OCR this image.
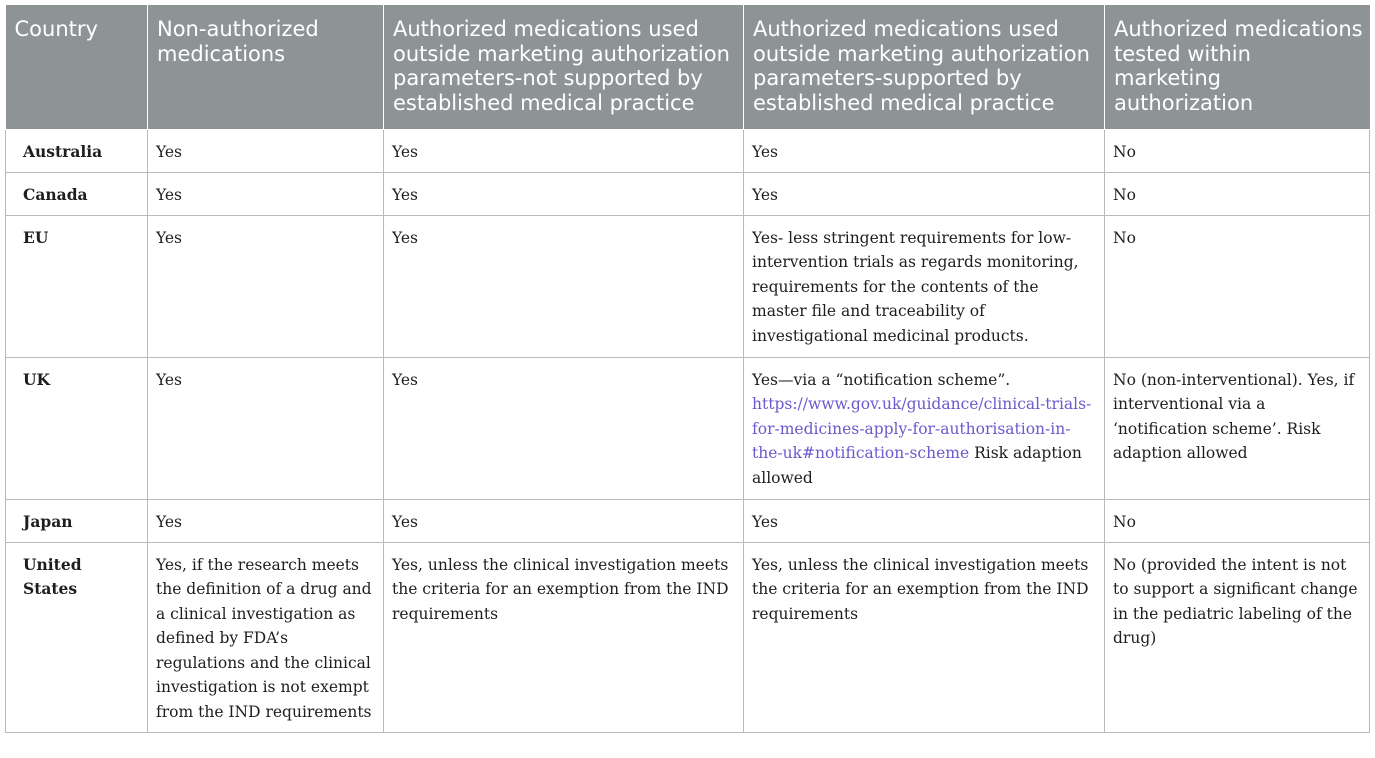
Country	Non-authorized medications	Authorized medications used outside marketing authorization parameters-not supported by established medical practice	Authorized medications used outside marketing authorization parameters-supported by established medical practice	Authorized medications tested within marketing authorization
Australia	Yes	Yes	Yes	No
Canada	Yes	Yes	Yes	No
EU	Yes	Yes	Yes- less stringent requirements for low-intervention trials as regards monitoring, requirements for the contents of the master file and traceability of investigational medicinal products.	No
UK	Yes	Yes	Yes—via a “notification scheme”. https://www.gov.uk/guidance/clinical-trials-for-medicines-apply-for-authorisation-in-the-uk#notification-scheme Risk adaption allowed	No (non-interventional). Yes, if interventional via a ‘notification scheme’. Risk adaption allowed
Japan	Yes	Yes	Yes	No
United States	Yes, if the research meets the definition of a drug and a clinical investigation as defined by FDA’s regulations and the clinical investigation is not exempt from the IND requirements	Yes, unless the clinical investigation meets the criteria for an exemption from the IND requirements	Yes, unless the clinical investigation meets the criteria for an exemption from the IND requirements	No (provided the intent is not to support a significant change in the pediatric labeling of the drug)
